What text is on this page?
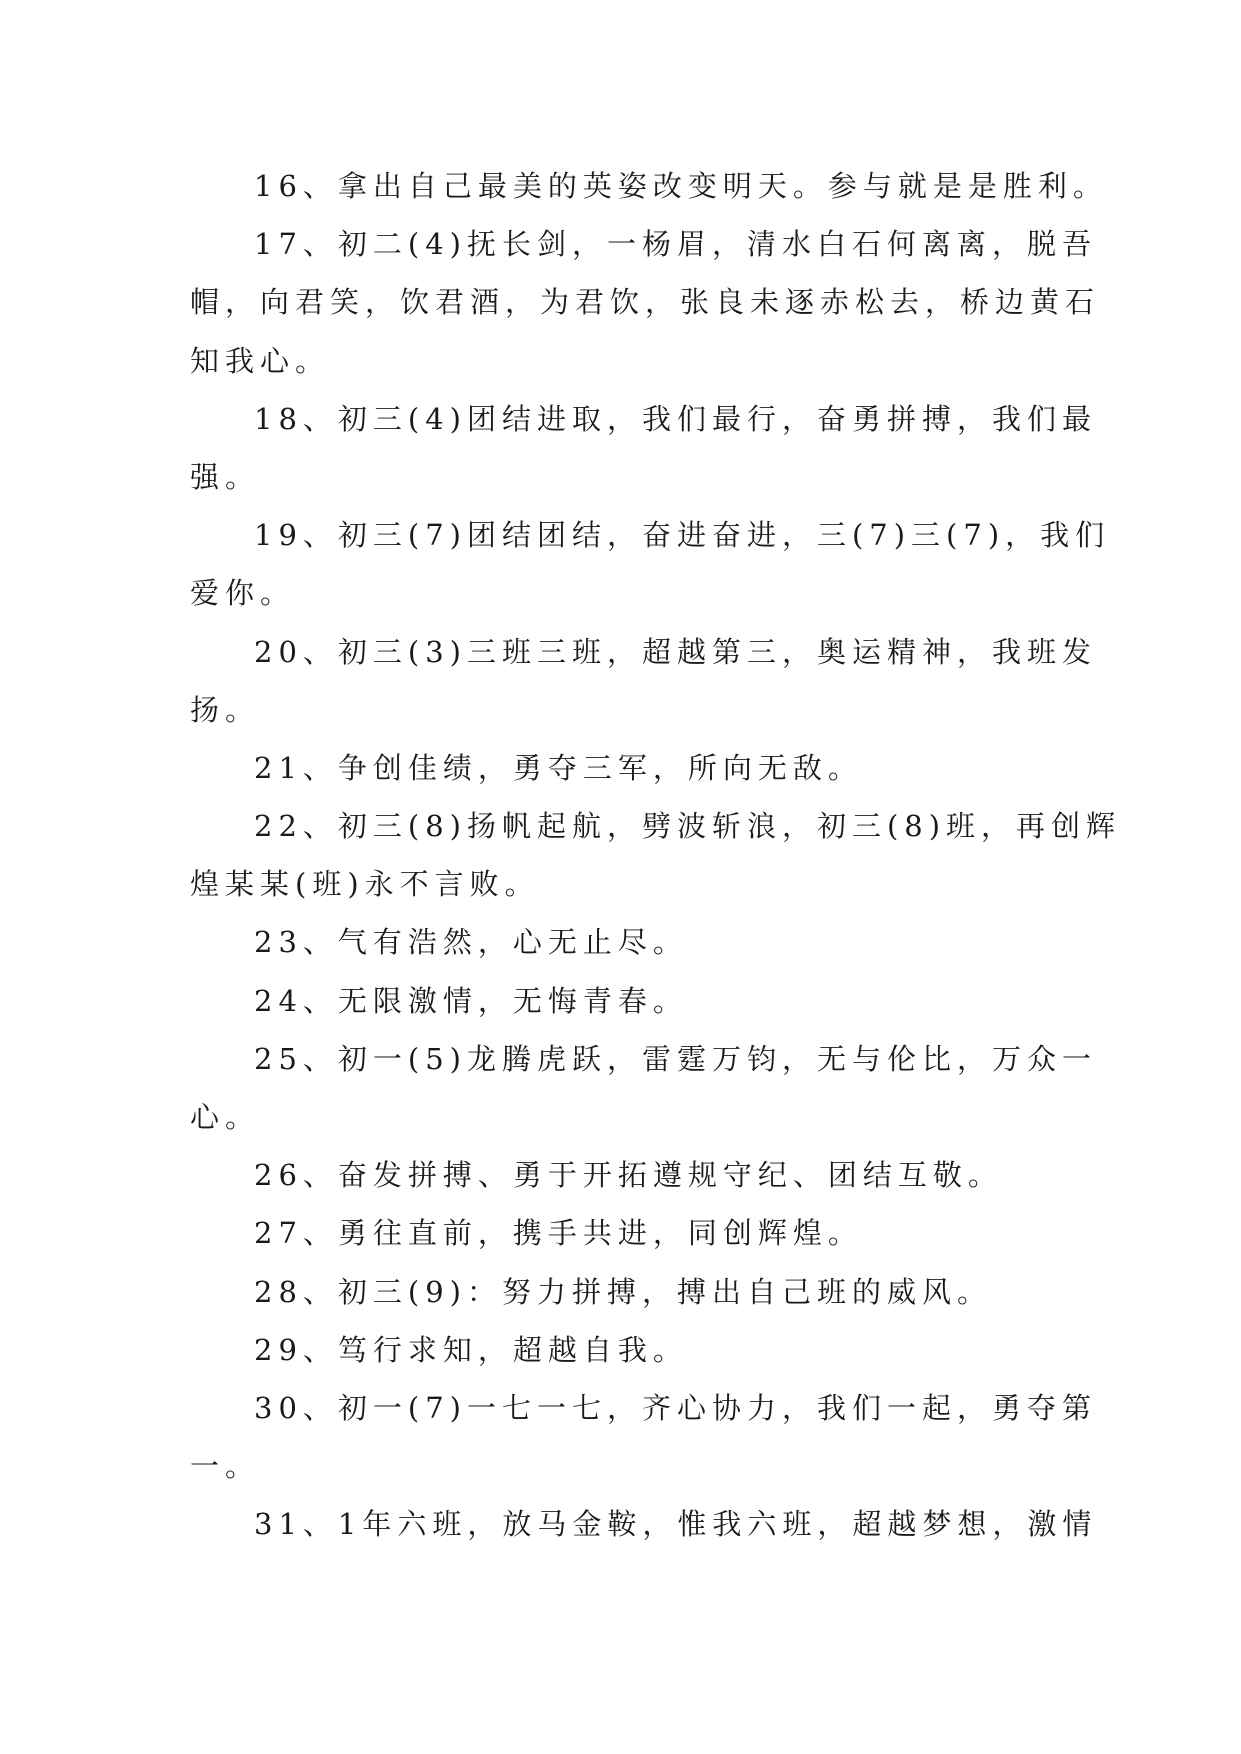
16、拿出自己最美的英姿改变明天。参与就是是胜利。
17、初二(4)抚长剑，一杨眉，清水白石何离离，脱吾
帽，向君笑，饮君酒，为君饮，张良未逐赤松去，桥边黄石
知我心。
18、初三(4)团结进取，我们最行，奋勇拼搏，我们最
强。
19、初三(7)团结团结，奋进奋进，三(7)三(7)，我们
爱你。
20、初三(3)三班三班，超越第三，奥运精神，我班发
扬。
21、争创佳绩，勇夺三军，所向无敌。
22、初三(8)扬帆起航，劈波斩浪，初三(8)班，再创辉
煌某某(班)永不言败。
23、气有浩然，心无止尽。
24、无限激情，无悔青春。
25、初一(5)龙腾虎跃，雷霆万钧，无与伦比，万众一
心。
26、奋发拼搏、勇于开拓遵规守纪、团结互敬。
27、勇往直前，携手共进，同创辉煌。
28、初三(9)：努力拼搏，搏出自己班的威风。
29、笃行求知，超越自我。
30、初一(7)一七一七，齐心协力，我们一起，勇夺第
一。
31、1年六班，放马金鞍，惟我六班，超越梦想，激情
